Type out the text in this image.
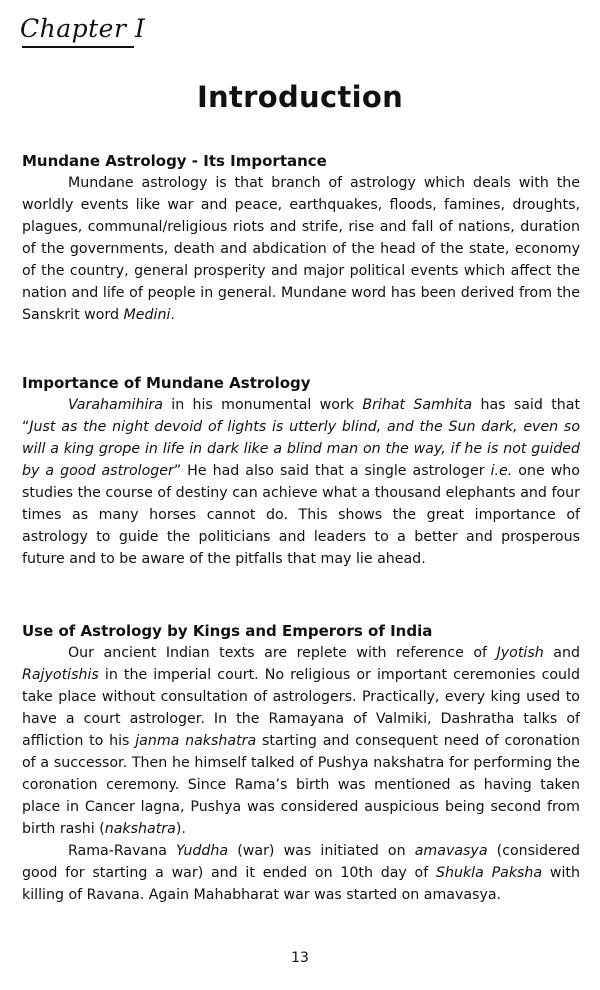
Chapter I
Introduction
Mundane Astrology - Its Importance

Mundane astrology is that branch of astrology which deals with the worldly events like war and peace, earthquakes, floods, famines, droughts, plagues, communal/religious riots and strife, rise and fall of nations, duration of the governments, death and abdication of the head of the state, economy of the country, general prosperity and major political events which affect the nation and life of people in general. Mundane word has been derived from the Sanskrit word Medini.

Importance of Mundane Astrology

Varahamihira in his monumental work Brihat Samhita has said that “Just as the night devoid of lights is utterly blind, and the Sun dark, even so will a king grope in life in dark like a blind man on the way, if he is not guided by a good astrologer” He had also said that a single astrologer i.e. one who studies the course of destiny can achieve what a thousand elephants and four times as many horses cannot do. This shows the great importance of astrology to guide the politicians and leaders to a better and prosperous future and to be aware of the pitfalls that may lie ahead.

Use of Astrology by Kings and Emperors of India

Our ancient Indian texts are replete with reference of Jyotish and Rajyotishis in the imperial court. No religious or important ceremonies could take place without consultation of astrologers. Practically, every king used to have a court astrologer. In the Ramayana of Valmiki, Dashratha talks of affliction to his janma nakshatra starting and consequent need of coronation of a successor. Then he himself talked of Pushya nakshatra for performing the coronation ceremony. Since Rama’s birth was mentioned as having taken place in Cancer lagna, Pushya was considered auspicious being second from birth rashi (nakshatra).

Rama-Ravana Yuddha (war) was initiated on amavasya (considered good for starting a war) and it ended on 10th day of Shukla Paksha with killing of Ravana. Again Mahabharat war was started on amavasya.

13
